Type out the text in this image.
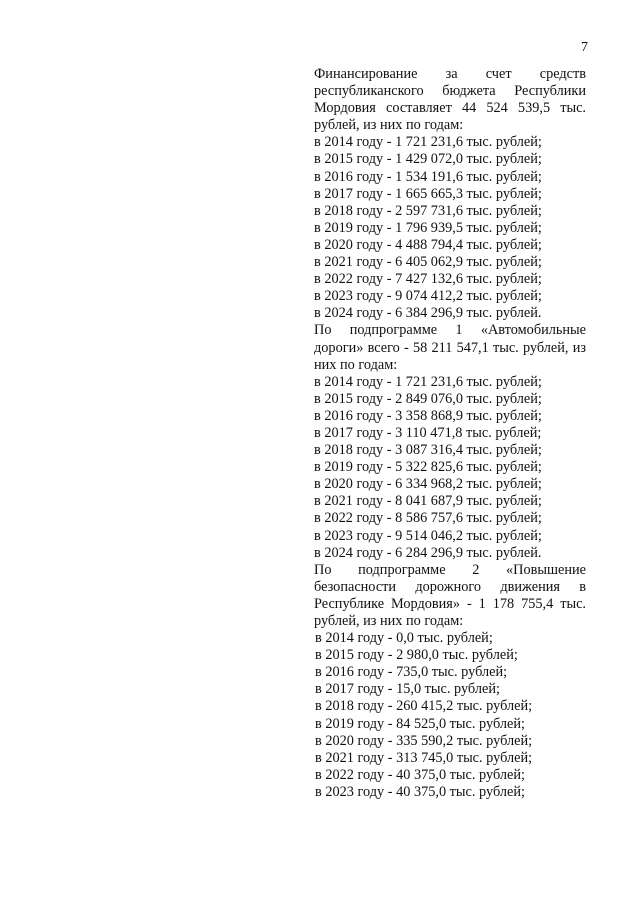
7

Финансирование за счет средств республиканского бюджета Республики Мордовия составляет 44 524 539,5 тыс. рублей, из них по годам:

в 2014 году - 1 721 231,6 тыс. рублей;

в 2015 году - 1 429 072,0 тыс. рублей;

в 2016 году - 1 534 191,6 тыс. рублей;

в 2017 году - 1 665 665,3 тыс. рублей;

в 2018 году - 2 597 731,6 тыс. рублей;

в 2019 году - 1 796 939,5 тыс. рублей;

в 2020 году - 4 488 794,4 тыс. рублей;

в 2021 году - 6 405 062,9 тыс. рублей;

в 2022 году - 7 427 132,6 тыс. рублей;

в 2023 году - 9 074 412,2 тыс. рублей;

в 2024 году - 6 384 296,9 тыс. рублей.

По подпрограмме 1 «Автомобильные дороги» всего - 58 211 547,1 тыс. рублей, из них по годам:

в 2014 году - 1 721 231,6 тыс. рублей;

в 2015 году - 2 849 076,0 тыс. рублей;

в 2016 году - 3 358 868,9 тыс. рублей;

в 2017 году - 3 110 471,8 тыс. рублей;

в 2018 году - 3 087 316,4 тыс. рублей;

в 2019 году - 5 322 825,6 тыс. рублей;

в 2020 году - 6 334 968,2 тыс. рублей;

в 2021 году - 8 041 687,9 тыс. рублей;

в 2022 году - 8 586 757,6 тыс. рублей;

в 2023 году - 9 514 046,2 тыс. рублей;

в 2024 году - 6 284 296,9 тыс. рублей.

По подпрограмме 2 «Повышение безопасности дорожного движения в Республике Мордовия» - 1 178 755,4 тыс. рублей, из них по годам:

в 2014 году - 0,0 тыс. рублей;

в 2015 году - 2 980,0 тыс. рублей;

в 2016 году - 735,0 тыс. рублей;

в 2017 году - 15,0 тыс. рублей;

в 2018 году - 260 415,2 тыс. рублей;

в 2019 году - 84 525,0 тыс. рублей;

в 2020 году - 335 590,2 тыс. рублей;

в 2021 году - 313 745,0 тыс. рублей;

в 2022 году - 40 375,0 тыс. рублей;

в 2023 году - 40 375,0 тыс. рублей;
